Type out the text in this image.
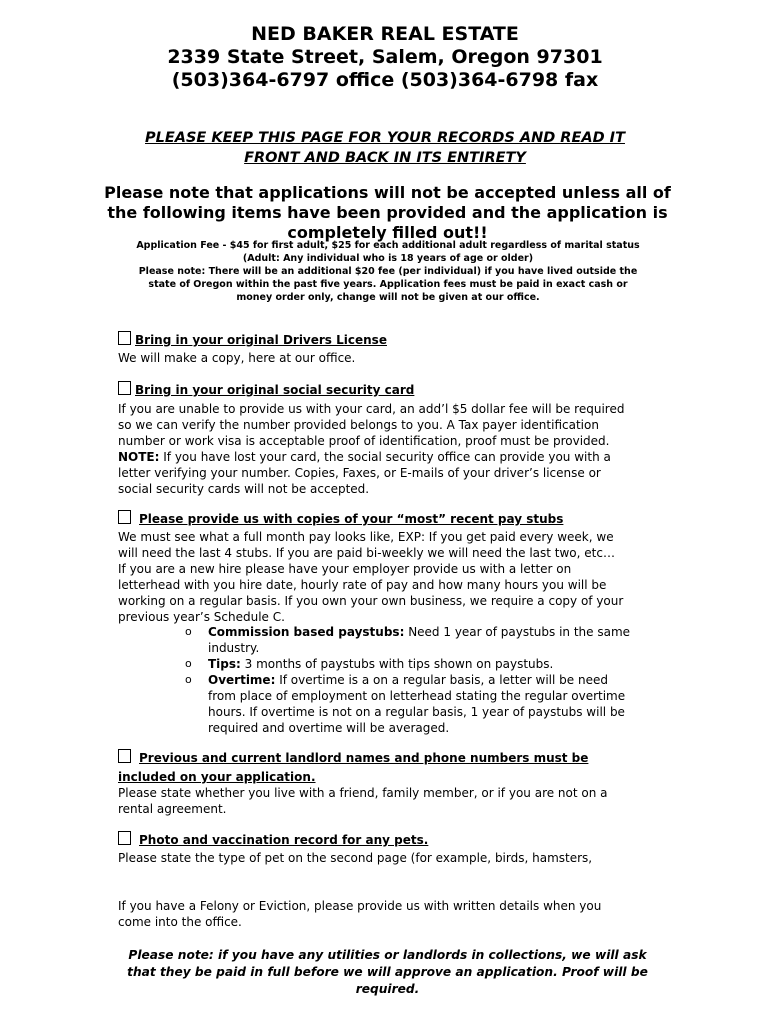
NED BAKER REAL ESTATE
2339 State Street, Salem, Oregon 97301
(503)364-6797 office (503)364-6798 fax
PLEASE KEEP THIS PAGE FOR YOUR RECORDS AND READ IT
FRONT AND BACK IN ITS ENTIRETY
Please note that applications will not be accepted unless all of
the following items have been provided and the application is
completely filled out!!
Application Fee - $45 for first adult, $25 for each additional adult regardless of marital status
(Adult: Any individual who is 18 years of age or older)
Please note: There will be an additional $20 fee (per individual) if you have lived outside the
state of Oregon within the past five years. Application fees must be paid in exact cash or
money order only, change will not be given at our office.
Bring in your original Drivers License
We will make a copy, here at our office.
Bring in your original social security card
If you are unable to provide us with your card, an add’l $5 dollar fee will be required
so we can verify the number provided belongs to you. A Tax payer identification
number or work visa is acceptable proof of identification, proof must be provided.
NOTE: If you have lost your card, the social security office can provide you with a
letter verifying your number. Copies, Faxes, or E-mails of your driver’s license or
social security cards will not be accepted.
Please provide us with copies of your “most” recent pay stubs
We must see what a full month pay looks like, EXP: If you get paid every week, we
will need the last 4 stubs. If you are paid bi-weekly we will need the last two, etc…
If you are a new hire please have your employer provide us with a letter on
letterhead with you hire date, hourly rate of pay and how many hours you will be
working on a regular basis. If you own your own business, we require a copy of your
previous year’s Schedule C.
o Commission based paystubs: Need 1 year of paystubs in the same
industry.
o Tips: 3 months of paystubs with tips shown on paystubs.
o Overtime: If overtime is a on a regular basis, a letter will be need
from place of employment on letterhead stating the regular overtime
hours. If overtime is not on a regular basis, 1 year of paystubs will be
required and overtime will be averaged.
Previous and current landlord names and phone numbers must be
included on your application.
Please state whether you live with a friend, family member, or if you are not on a
rental agreement.
Photo and vaccination record for any pets.
Please state the type of pet on the second page (for example, birds, hamsters,
If you have a Felony or Eviction, please provide us with written details when you
come into the office.
Please note: if you have any utilities or landlords in collections, we will ask
that they be paid in full before we will approve an application. Proof will be
required.
